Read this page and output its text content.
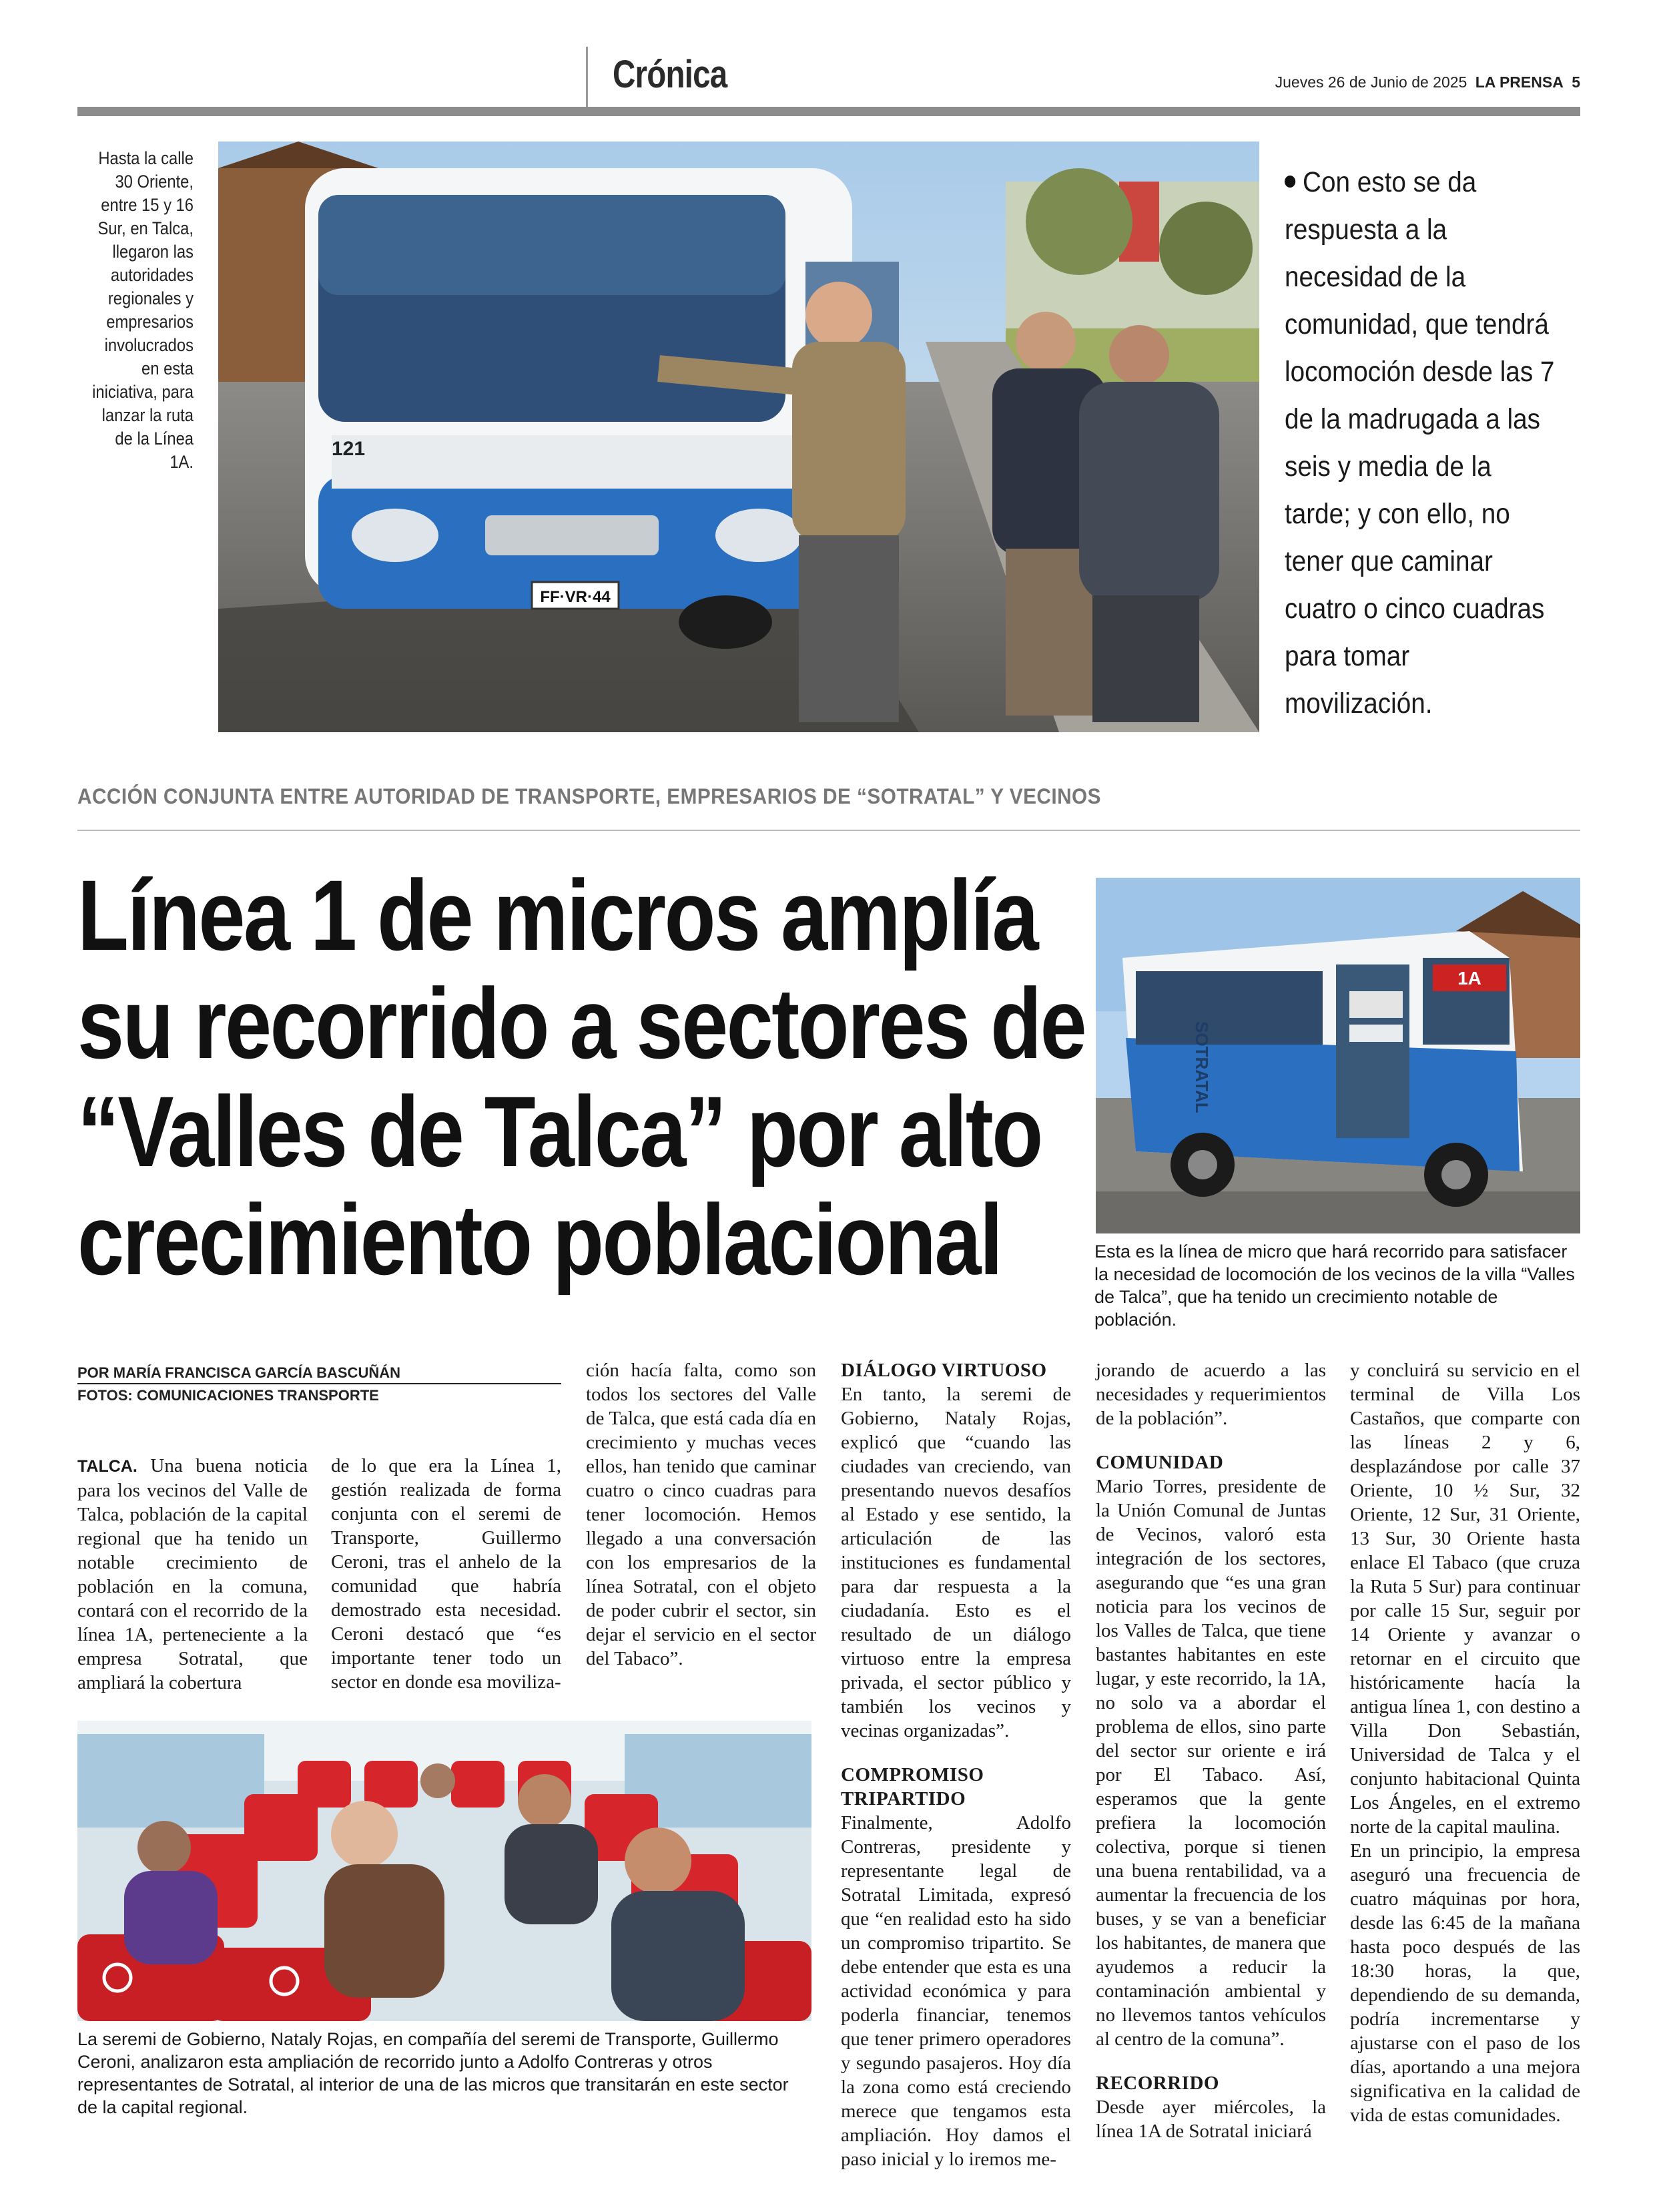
Crónica	Jueves 26 de Junio de 2025 LA PRENSA 5
Hasta la calle 30 Oriente, entre 15 y 16 Sur, en Talca, llegaron las autoridades regionales y empresarios involucrados en esta iniciativa, para lanzar la ruta de la Línea 1A.
FF·VR·44
121
Con esto se da respuesta a la necesidad de la comunidad, que tendrá locomoción desde las 7 de la madrugada a las seis y media de la tarde; y con ello, no tener que caminar cuatro o cinco cuadras para tomar movilización.
ACCIÓN CONJUNTA ENTRE AUTORIDAD DE TRANSPORTE, EMPRESARIOS DE “SOTRATAL” Y VECINOS
Línea 1 de micros amplía
su recorrido a sectores de
“Valles de Talca” por alto
crecimiento poblacional
1A
SOTRATAL
Esta es la línea de micro que hará recorrido para satisfacer la necesidad de locomoción de los vecinos de la villa “Valles de Talca”, que ha tenido un crecimiento notable de población.
POR MARÍA FRANCISCA GARCÍA BASCUÑÁN
FOTOS: COMUNICACIONES TRANSPORTE

TALCA. Una buena noticia para los vecinos del Valle de Talca, población de la capital regional que ha tenido un notable crecimiento de población en la comuna, contará con el recorrido de la línea 1A, perteneciente a la empresa Sotratal, que ampliará la cobertura

de lo que era la Línea 1, gestión realizada de forma conjunta con el seremi de Transporte, Guillermo Ceroni, tras el anhelo de la comunidad que habría demostrado esta necesidad. Ceroni destacó que “es importante tener todo un sector en donde esa moviliza-

ción hacía falta, como son todos los sectores del Valle de Talca, que está cada día en crecimiento y muchas veces ellos, han tenido que caminar cuatro o cinco cuadras para tener locomoción. Hemos llegado a una conversación con los empresarios de la línea Sotratal, con el objeto de poder cubrir el sector, sin dejar el servicio en el sector del Tabaco”.

DIÁLOGO VIRTUOSO

En tanto, la seremi de Gobierno, Nataly Rojas, explicó que “cuando las ciudades van creciendo, van presentando nuevos desafíos al Estado y ese sentido, la articulación de las instituciones es fundamental para dar respuesta a la ciudadanía. Esto es el resultado de un diálogo virtuoso entre la empresa privada, el sector público y también los vecinos y vecinas organizadas”.

COMPROMISO TRIPARTIDO

Finalmente, Adolfo Contreras, presidente y representante legal de Sotratal Limitada, expresó que “en realidad esto ha sido un compromiso tripartito. Se debe entender que esta es una actividad económica y para poderla financiar, tenemos que tener primero operadores y segundo pasajeros. Hoy día la zona como está creciendo merece que tengamos esta ampliación. Hoy damos el paso inicial y lo iremos me-

jorando de acuerdo a las necesidades y requerimientos de la población”.

COMUNIDAD

Mario Torres, presidente de la Unión Comunal de Juntas de Vecinos, valoró esta integración de los sectores, asegurando que “es una gran noticia para los vecinos de los Valles de Talca, que tiene bastantes habitantes en este lugar, y este recorrido, la 1A, no solo va a abordar el problema de ellos, sino parte del sector sur oriente e irá por El Tabaco. Así, esperamos que la gente prefiera la locomoción colectiva, porque si tienen una buena rentabilidad, va a aumentar la frecuencia de los buses, y se van a beneficiar los habitantes, de manera que ayudemos a reducir la contaminación ambiental y no llevemos tantos vehículos al centro de la comuna”.

RECORRIDO

Desde ayer miércoles, la línea 1A de Sotratal iniciará

y concluirá su servicio en el terminal de Villa Los Castaños, que comparte con las líneas 2 y 6, desplazándose por calle 37 Oriente, 10 ½ Sur, 32 Oriente, 12 Sur, 31 Oriente, 13 Sur, 30 Oriente hasta enlace El Tabaco (que cruza la Ruta 5 Sur) para continuar por calle 15 Sur, seguir por 14 Oriente y avanzar o retornar en el circuito que históricamente hacía la antigua línea 1, con destino a Villa Don Sebastián, Universidad de Talca y el conjunto habitacional Quinta Los Ángeles, en el extremo norte de la capital maulina.

En un principio, la empresa aseguró una frecuencia de cuatro máquinas por hora, desde las 6:45 de la mañana hasta poco después de las 18:30 horas, la que, dependiendo de su demanda, podría incrementarse y ajustarse con el paso de los días, aportando a una mejora significativa en la calidad de vida de estas comunidades.

La seremi de Gobierno, Nataly Rojas, en compañía del seremi de Transporte, Guillermo Ceroni, analizaron esta ampliación de recorrido junto a Adolfo Contreras y otros representantes de Sotratal, al interior de una de las micros que transitarán en este sector de la capital regional.
